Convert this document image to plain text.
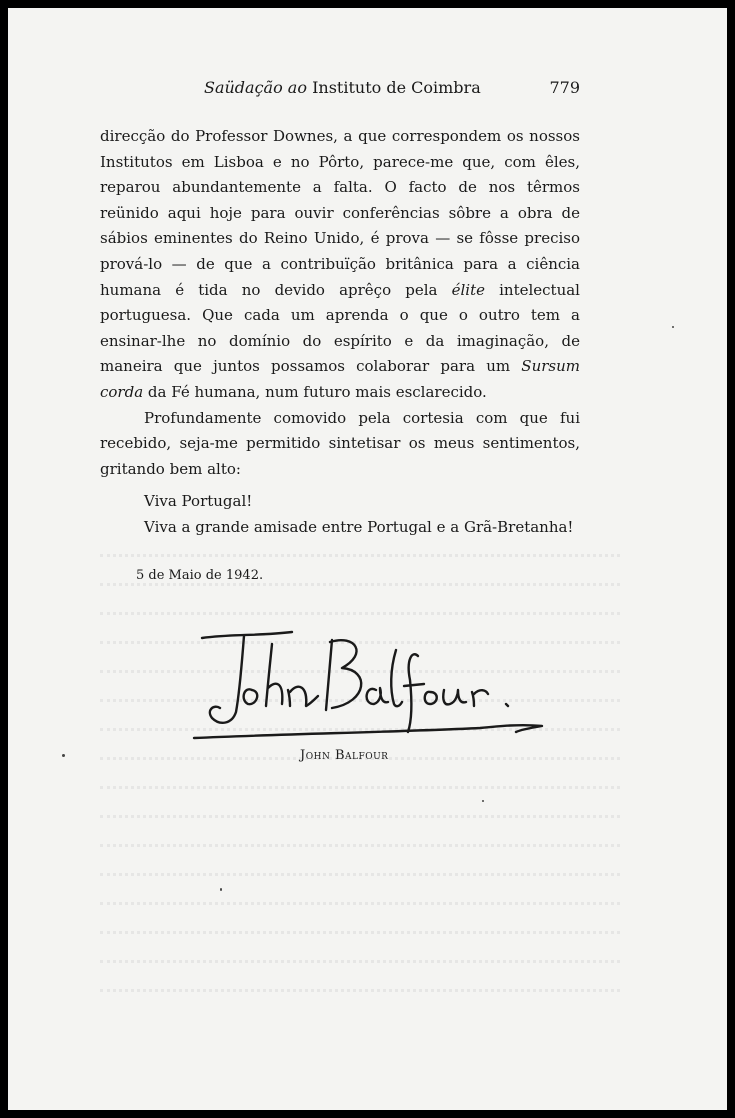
Saüdação ao Instituto de Coimbra	779

direcção do Professor Downes, a que correspondem os nossos Institutos em Lisboa e no Pôrto, parece-me que, com êles, reparou abundantemente a falta. O facto de nos têrmos reünido aqui hoje para ouvir conferências sôbre a obra de sábios eminentes do Reino Unido, é prova — se fôsse preciso prová-lo — de que a contribuïção britânica para a ciência humana é tida no devido aprêço pela élite intelectual portuguesa. Que cada um aprenda o que o outro tem a ensinar-lhe no domínio do espírito e da imaginação, de maneira que juntos possamos colaborar para um Sursum corda da Fé humana, num futuro mais esclarecido.

Profundamente comovido pela cortesia com que fui recebido, seja-me permitido sintetisar os meus sentimentos, gritando bem alto:

Viva Portugal!
Viva a grande amisade entre Portugal e a Grã-Bretanha!
5 de Maio de 1942.
John Balfour
